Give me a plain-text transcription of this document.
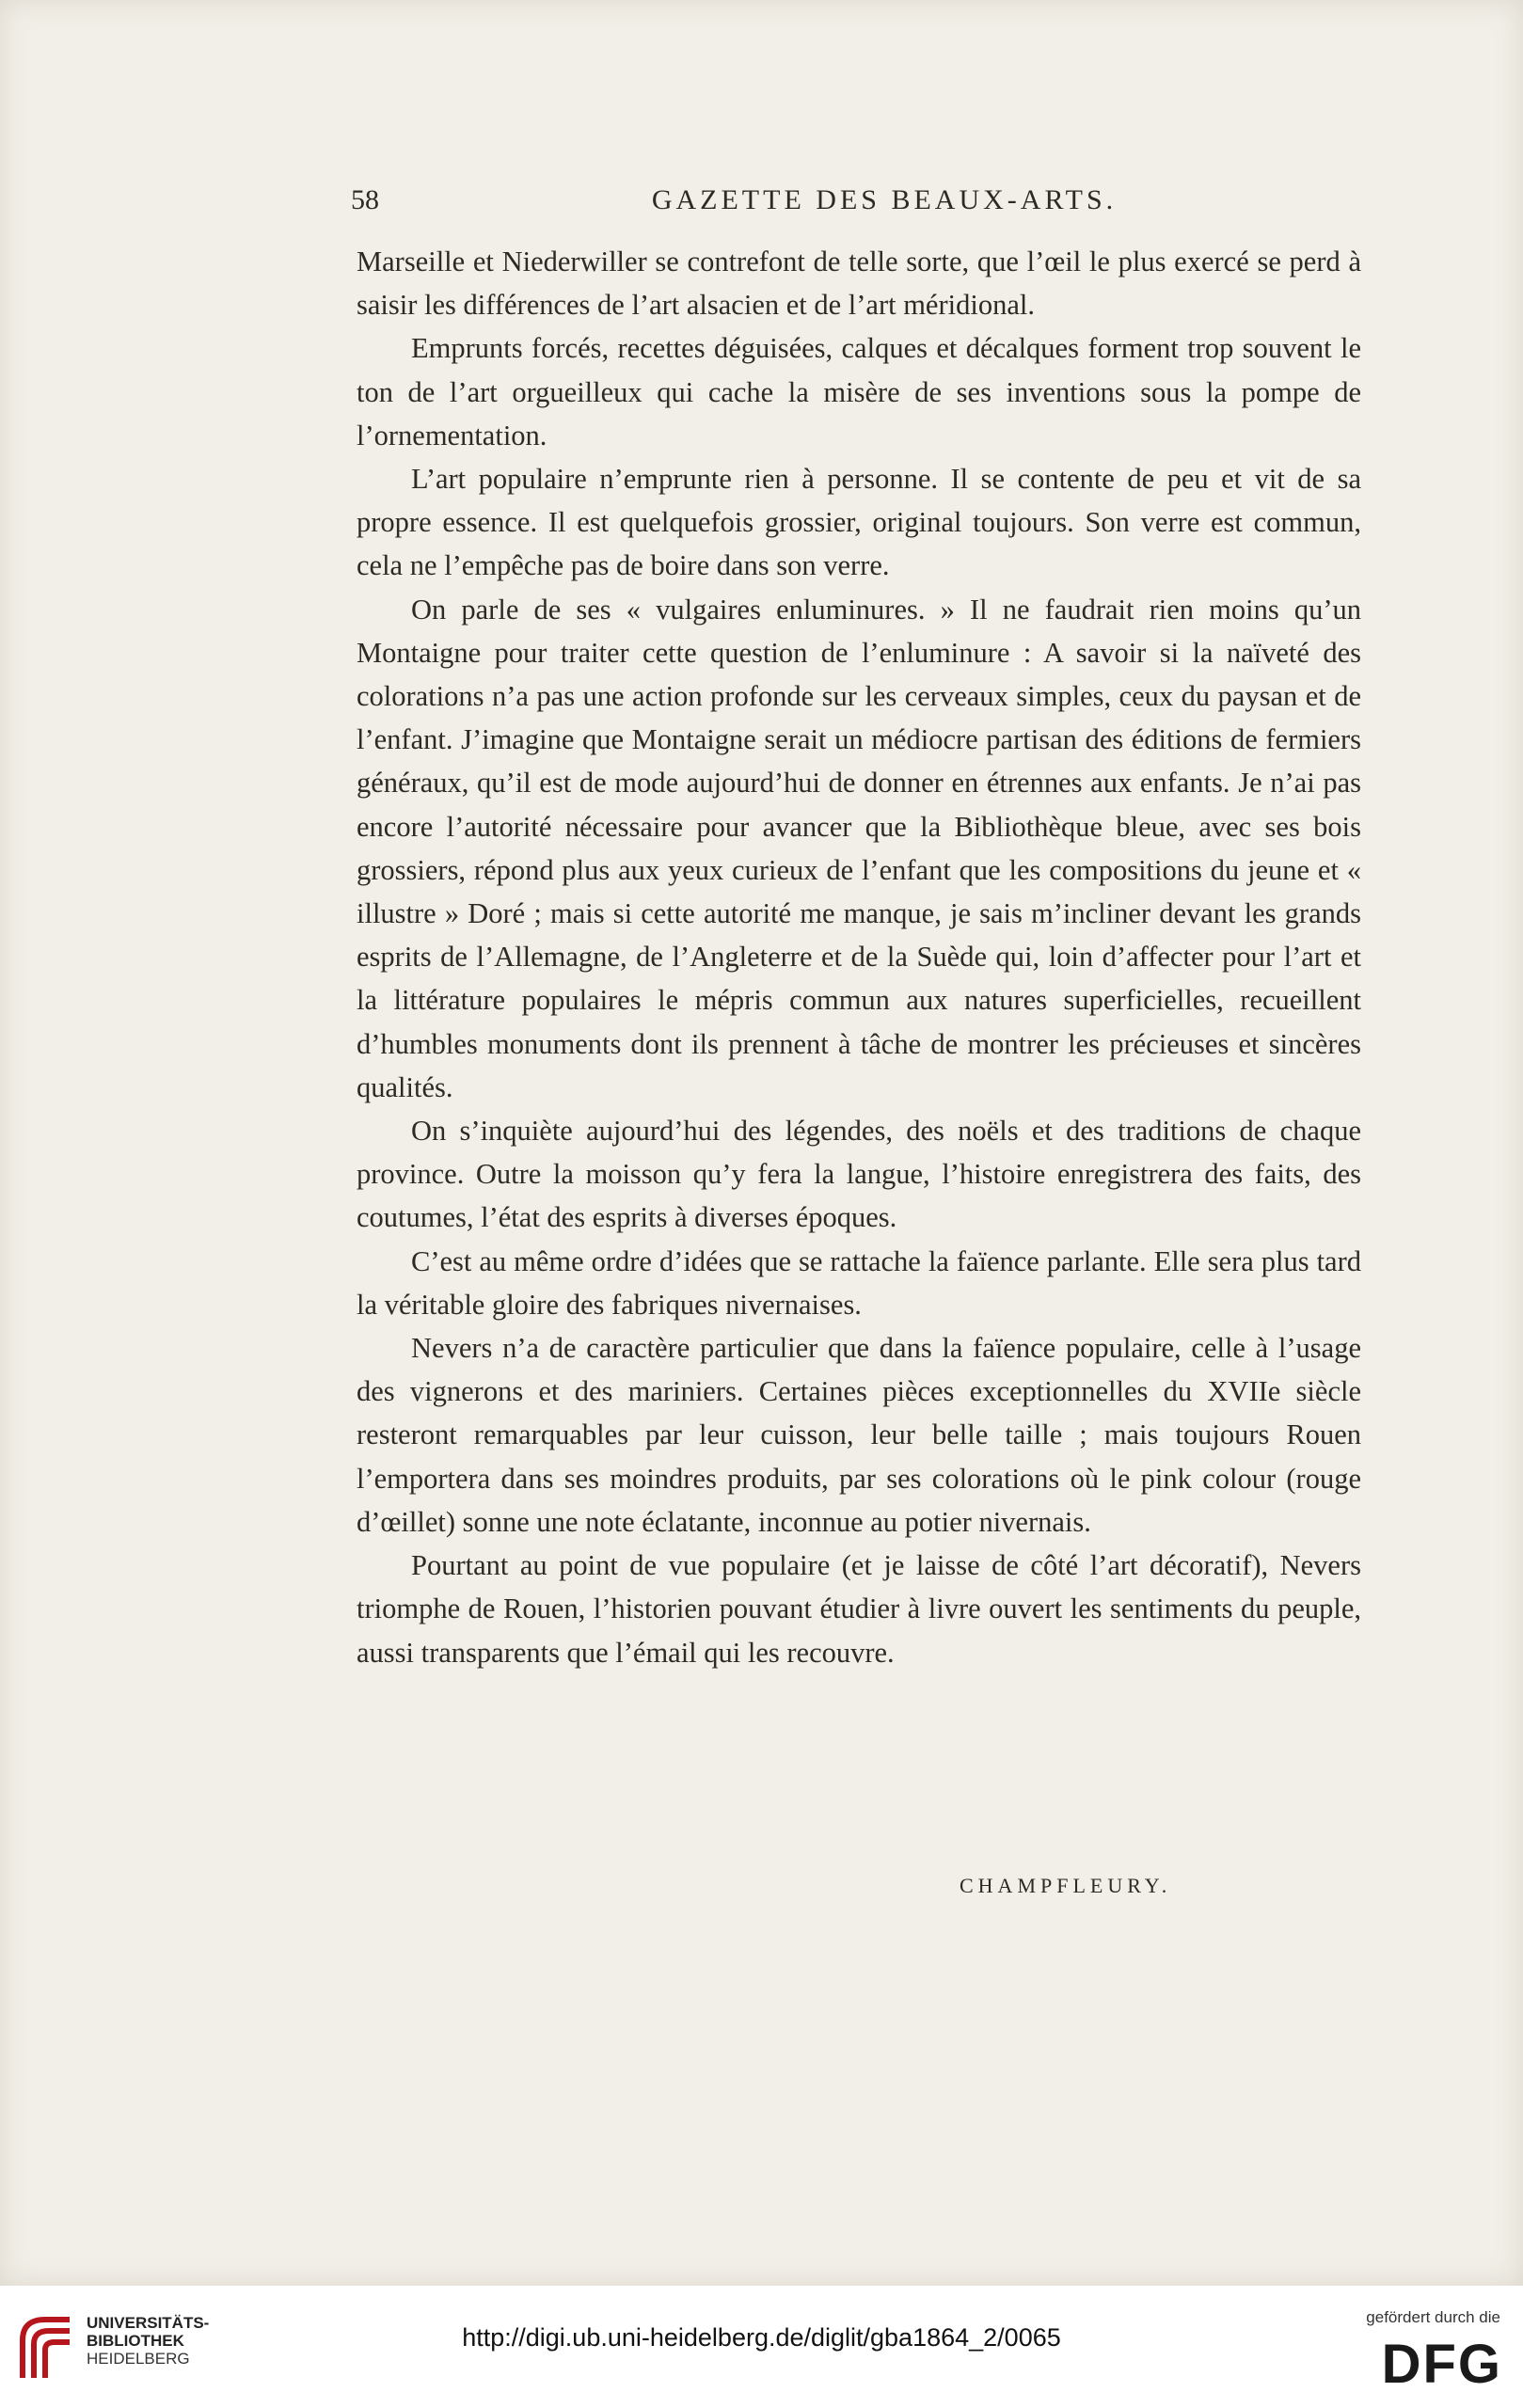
58	GAZETTE DES BEAUX-ARTS.

Marseille et Niederwiller se contrefont de telle sorte, que l’œil le plus exercé se perd à saisir les différences de l’art alsacien et de l’art méridional.

Emprunts forcés, recettes déguisées, calques et décalques forment trop souvent le ton de l’art orgueilleux qui cache la misère de ses inventions sous la pompe de l’ornementation.

L’art populaire n’emprunte rien à personne. Il se contente de peu et vit de sa propre essence. Il est quelquefois grossier, original toujours. Son verre est commun, cela ne l’empêche pas de boire dans son verre.

On parle de ses « vulgaires enluminures. » Il ne faudrait rien moins qu’un Montaigne pour traiter cette question de l’enluminure : A savoir si la naïveté des colorations n’a pas une action profonde sur les cerveaux simples, ceux du paysan et de l’enfant. J’imagine que Montaigne serait un médiocre partisan des éditions de fermiers généraux, qu’il est de mode aujourd’hui de donner en étrennes aux enfants. Je n’ai pas encore l’autorité nécessaire pour avancer que la Bibliothèque bleue, avec ses bois grossiers, répond plus aux yeux curieux de l’enfant que les compositions du jeune et « illustre » Doré ; mais si cette autorité me manque, je sais m’incliner devant les grands esprits de l’Allemagne, de l’Angleterre et de la Suède qui, loin d’affecter pour l’art et la littérature populaires le mépris commun aux natures superficielles, recueillent d’humbles monuments dont ils prennent à tâche de montrer les précieuses et sincères qualités.

On s’inquiète aujourd’hui des légendes, des noëls et des traditions de chaque province. Outre la moisson qu’y fera la langue, l’histoire enregistrera des faits, des coutumes, l’état des esprits à diverses époques.

C’est au même ordre d’idées que se rattache la faïence parlante. Elle sera plus tard la véritable gloire des fabriques nivernaises.

Nevers n’a de caractère particulier que dans la faïence populaire, celle à l’usage des vignerons et des mariniers. Certaines pièces exceptionnelles du XVIIe siècle resteront remarquables par leur cuisson, leur belle taille ; mais toujours Rouen l’emportera dans ses moindres produits, par ses colorations où le pink colour (rouge d’œillet) sonne une note éclatante, inconnue au potier nivernais.

Pourtant au point de vue populaire (et je laisse de côté l’art décoratif), Nevers triomphe de Rouen, l’historien pouvant étudier à livre ouvert les sentiments du peuple, aussi transparents que l’émail qui les recouvre.

CHAMPFLEURY.
UNIVERSITÄTS-
BIBLIOTHEK
HEIDELBERG
http://digi.ub.uni-heidelberg.de/diglit/gba1864_2/0065
gefördert durch die
DFG
